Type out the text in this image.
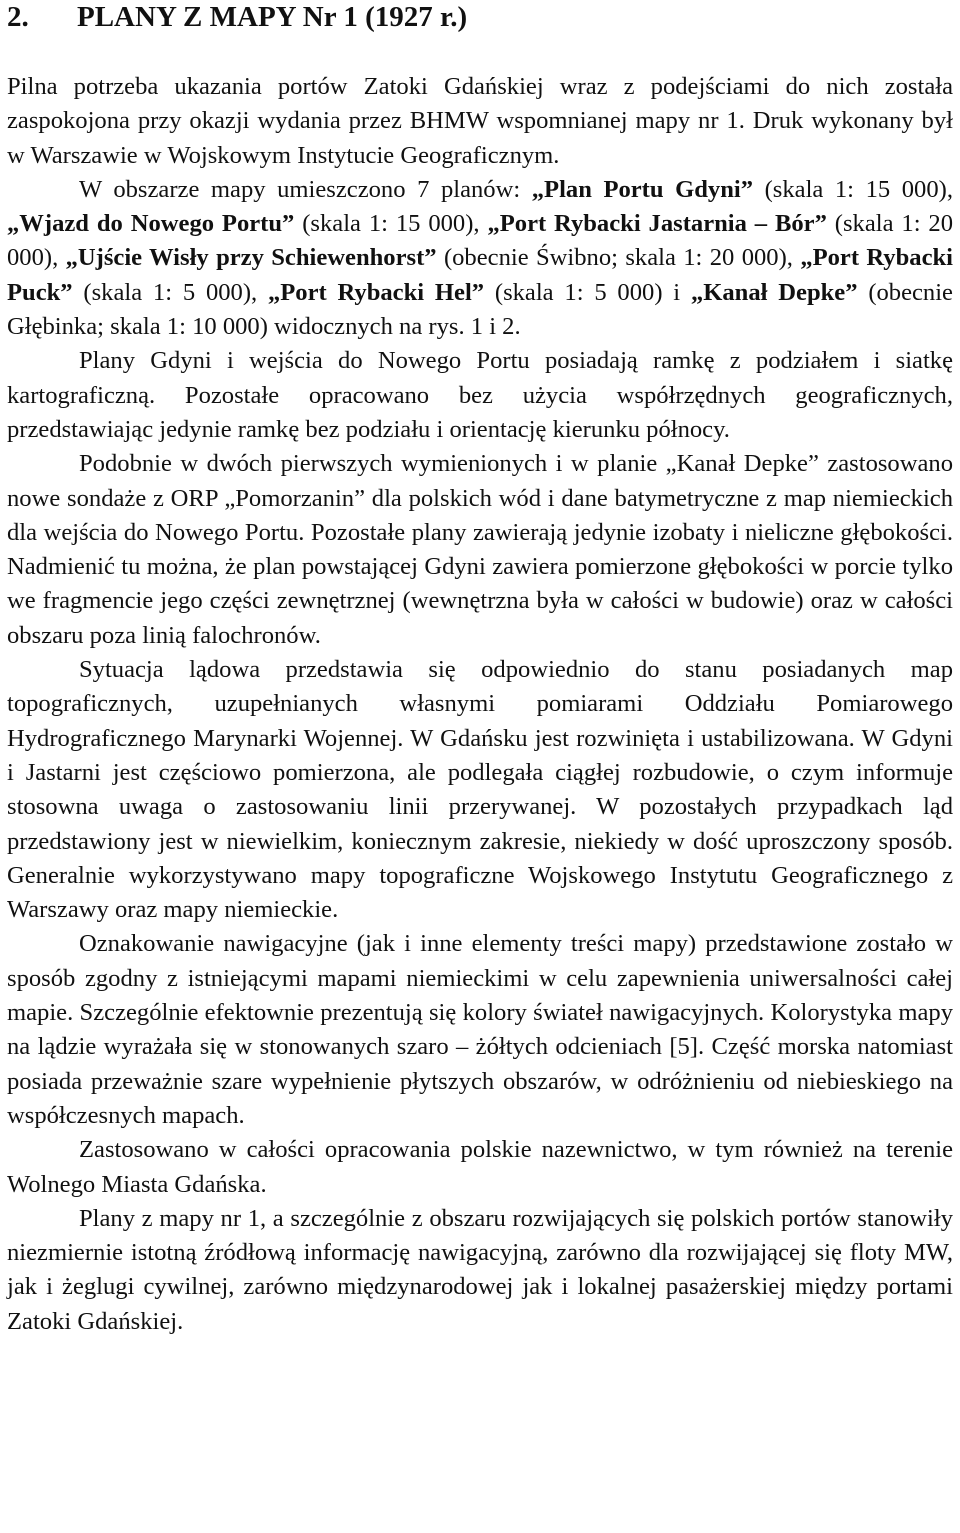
2. PLANY Z MAPY Nr 1 (1927 r.)

Pilna potrzeba ukazania portów Zatoki Gdańskiej wraz z podejściami do nich została zaspokojona przy okazji wydania przez BHMW wspomnianej mapy nr 1. Druk wykonany był w Warszawie w Wojskowym Instytucie Geograficznym.

W obszarze mapy umieszczono 7 planów: „Plan Portu Gdyni” (skala 1: 15 000), „Wjazd do Nowego Portu” (skala 1: 15 000), „Port Rybacki Jastarnia – Bór” (skala 1: 20 000), „Ujście Wisły przy Schiewenhorst” (obecnie Świbno; skala 1: 20 000), „Port Rybacki Puck” (skala 1: 5 000), „Port Rybacki Hel” (skala 1: 5 000) i „Kanał Depke” (obecnie Głębinka; skala 1: 10 000) widocznych na rys. 1 i 2.

Plany Gdyni i wejścia do Nowego Portu posiadają ramkę z podziałem i siatkę kartograficzną. Pozostałe opracowano bez użycia współrzędnych geograficznych, przedstawiając jedynie ramkę bez podziału i orientację kierunku północy.

Podobnie w dwóch pierwszych wymienionych i w planie „Kanał Depke” zastosowano nowe sondaże z ORP „Pomorzanin” dla polskich wód i dane batymetryczne z map niemieckich dla wejścia do Nowego Portu. Pozostałe plany zawierają jedynie izobaty i nieliczne głębokości. Nadmienić tu można, że plan powstającej Gdyni zawiera pomierzone głębokości w porcie tylko we fragmencie jego części zewnętrznej (wewnętrzna była w całości w budowie) oraz w całości obszaru poza linią falochronów.

Sytuacja lądowa przedstawia się odpowiednio do stanu posiadanych map topograficznych, uzupełnianych własnymi pomiarami Oddziału Pomiarowego Hydrograficznego Marynarki Wojennej. W Gdańsku jest rozwinięta i ustabilizowana. W Gdyni i Jastarni jest częściowo pomierzona, ale podlegała ciągłej rozbudowie, o czym informuje stosowna uwaga o zastosowaniu linii przerywanej. W pozostałych przypadkach ląd przedstawiony jest w niewielkim, koniecznym zakresie, niekiedy w dość uproszczony sposób. Generalnie wykorzystywano mapy topograficzne Wojskowego Instytutu Geograficznego z Warszawy oraz mapy niemieckie.

Oznakowanie nawigacyjne (jak i inne elementy treści mapy) przedstawione zostało w sposób zgodny z istniejącymi mapami niemieckimi w celu zapewnienia uniwersalności całej mapie. Szczególnie efektownie prezentują się kolory świateł nawigacyjnych. Kolorystyka mapy na lądzie wyrażała się w stonowanych szaro – żółtych odcieniach [5]. Część morska natomiast posiada przeważnie szare wypełnienie płytszych obszarów, w odróżnieniu od niebieskiego na współczesnych mapach.

Zastosowano w całości opracowania polskie nazewnictwo, w tym również na terenie Wolnego Miasta Gdańska.

Plany z mapy nr 1, a szczególnie z obszaru rozwijających się polskich portów stanowiły niezmiernie istotną źródłową informację nawigacyjną, zarówno dla rozwijającej się floty MW, jak i żeglugi cywilnej, zarówno międzynarodowej jak i lokalnej pasażerskiej między portami Zatoki Gdańskiej.
